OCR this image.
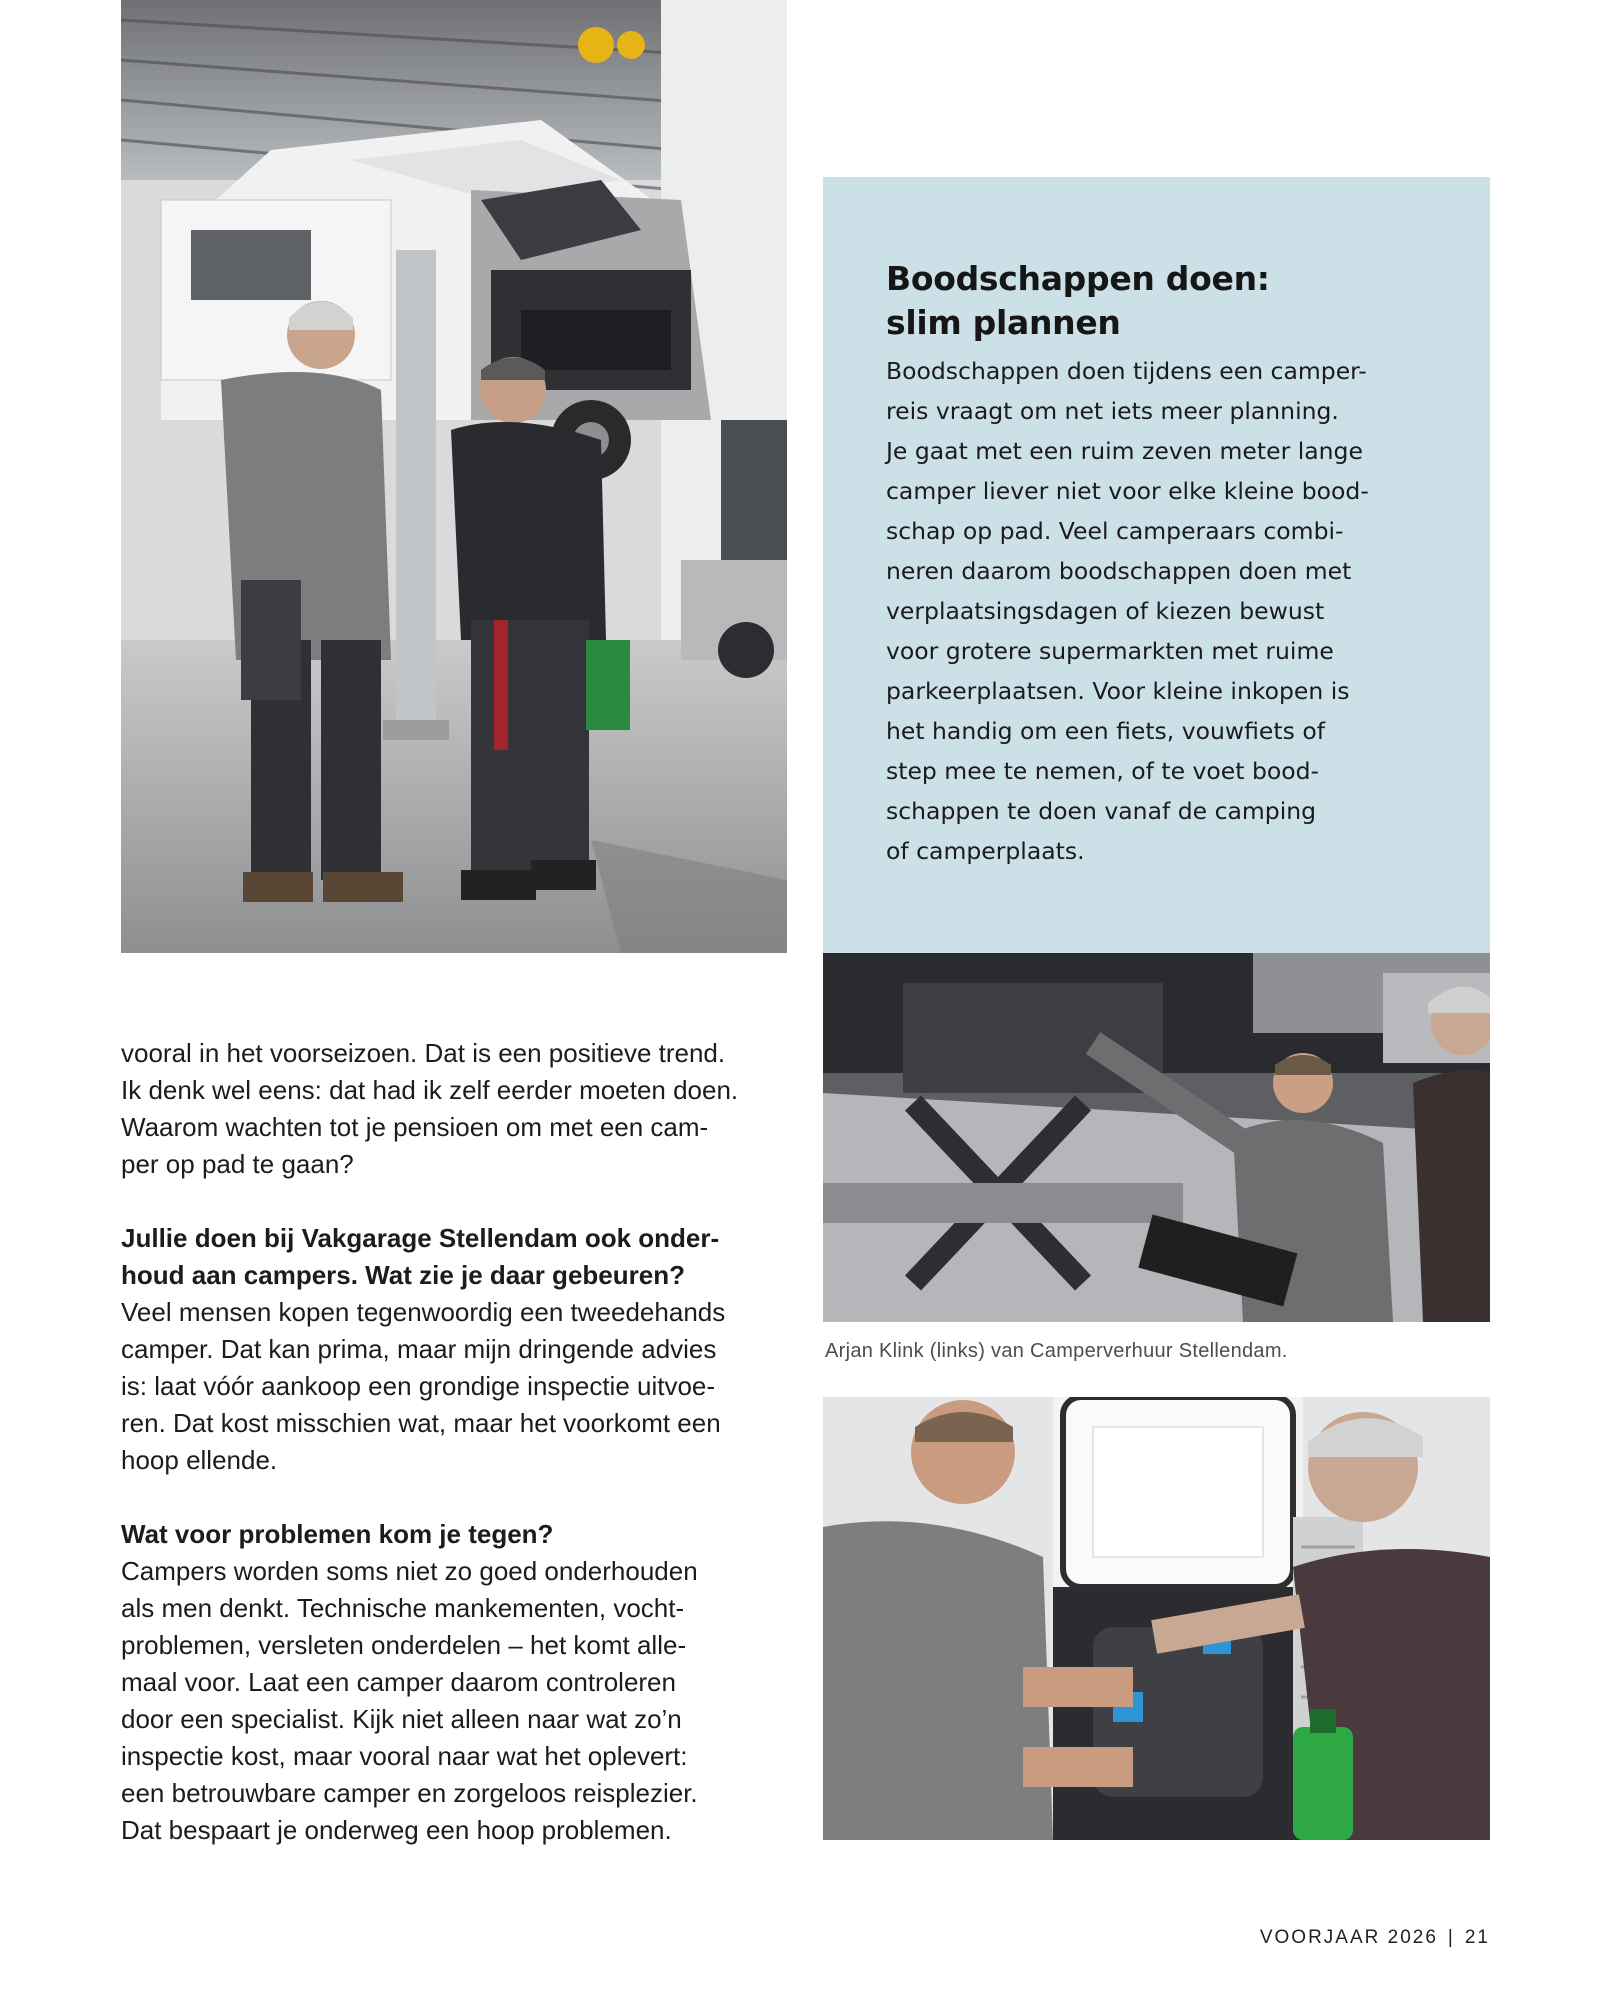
Boodschappen doen:
slim plannen
Boodschappen doen tijdens een camper-
reis vraagt om net iets meer planning.
Je gaat met een ruim zeven meter lange
camper liever niet voor elke kleine bood-
schap op pad. Veel camperaars combi-
neren daarom boodschappen doen met
verplaatsingsdagen of kiezen bewust
voor grotere supermarkten met ruime
parkeerplaatsen. Voor kleine inkopen is
het handig om een fiets, vouwfiets of
step mee te nemen, of te voet bood-
schappen te doen vanaf de camping
of camperplaats.
Arjan Klink (links) van Camperverhuur Stellendam.

vooral in het voorseizoen. Dat is een positieve trend.
Ik denk wel eens: dat had ik zelf eerder moeten doen.
Waarom wachten tot je pensioen om met een cam-
per op pad te gaan?

Jullie doen bij Vakgarage Stellendam ook onder-
houd aan campers. Wat zie je daar gebeuren?
Veel mensen kopen tegenwoordig een tweedehands
camper. Dat kan prima, maar mijn dringende advies
is: laat vóór aankoop een grondige inspectie uitvoe-
ren. Dat kost misschien wat, maar het voorkomt een
hoop ellende.

Wat voor problemen kom je tegen?
Campers worden soms niet zo goed onderhouden
als men denkt. Technische mankementen, vocht-
problemen, versleten onderdelen – het komt alle-
maal voor. Laat een camper daarom controleren
door een specialist. Kijk niet alleen naar wat zo’n
inspectie kost, maar vooral naar wat het oplevert:
een betrouwbare camper en zorgeloos reisplezier.
Dat bespaart je onderweg een hoop problemen.

VOORJAAR 2026 | 21
